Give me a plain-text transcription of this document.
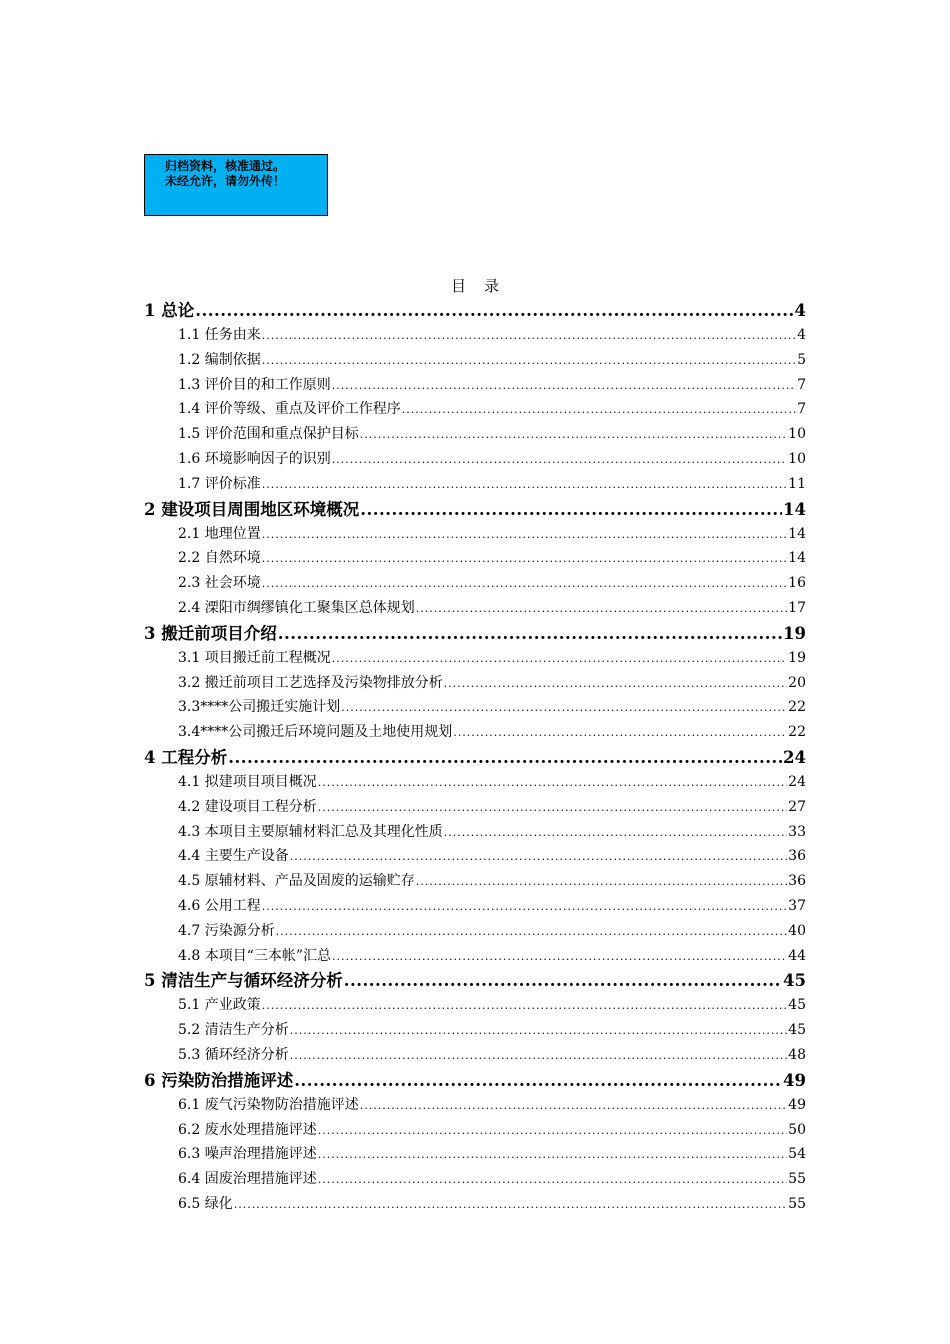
归档资料，核准通过。
未经允许，请勿外传！
目录
1 总论 .....	4
1.1 任务由来 .....	4
1.2 编制依据 .....	5
1.3 评价目的和工作原则 .....	7
1.4 评价等级、重点及评价工作程序 .....	7
1.5 评价范围和重点保护目标 .....	10
1.6 环境影响因子的识别 .....	10
1.7 评价标准 .....	11
2 建设项目周围地区环境概况 .....	14
2.1 地理位置 .....	14
2.2 自然环境 .....	14
2.3 社会环境 .....	16
2.4 溧阳市绸缪镇化工聚集区总体规划 .....	17
3 搬迁前项目介绍 .....	19
3.1 项目搬迁前工程概况 .....	19
3.2 搬迁前项目工艺选择及污染物排放分析 .....	20
3.3****公司搬迁实施计划 .....	22
3.4****公司搬迁后环境问题及土地使用规划 .....	22
4 工程分析 .....	24
4.1 拟建项目项目概况 .....	24
4.2 建设项目工程分析 .....	27
4.3 本项目主要原辅材料汇总及其理化性质 .....	33
4.4 主要生产设备 .....	36
4.5 原辅材料、产品及固废的运输贮存 .....	36
4.6 公用工程 .....	37
4.7 污染源分析 .....	40
4.8 本项目“三本帐”汇总 .....	44
5 清洁生产与循环经济分析 .....	45
5.1 产业政策 .....	45
5.2 清洁生产分析 .....	45
5.3 循环经济分析 .....	48
6 污染防治措施评述 .....	49
6.1 废气污染物防治措施评述 .....	49
6.2 废水处理措施评述 .....	50
6.3 噪声治理措施评述 .....	54
6.4 固废治理措施评述 .....	55
6.5 绿化 .....	55
